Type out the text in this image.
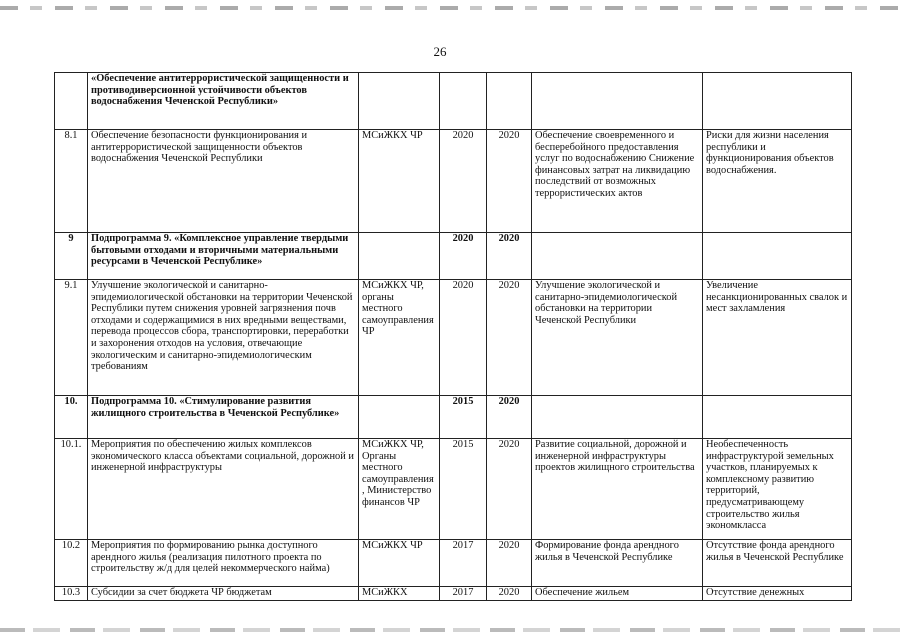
26
	«Обеспечение антитеррористической защищенности и противодиверсионной устойчивости объектов водоснабжения Чеченской Республики»					
8.1	Обеспечение безопасности функционирования и антитеррористической защищенности объектов водоснабжения Чеченской Республики	МСиЖКХ ЧР	2020	2020	Обеспечение своевременного и бесперебойного предоставления услуг по водоснабжению Снижение финансовых затрат на ликвидацию последствий от возможных террористических актов	Риски для жизни населения республики и функционирования объектов водоснабжения.
9	Подпрограмма 9. «Комплексное управление твердыми бытовыми отходами и вторичными материальными ресурсами в Чеченской Республике»		2020	2020		
9.1	Улучшение экологической и санитарно-эпидемиологической обстановки на территории Чеченской Республики путем снижения уровней загрязнения почв отходами и содержащимися в них вредными веществами, перевода процессов сбора, транспортировки, переработки и захоронения отходов на условия, отвечающие экологическим и санитарно-эпидемиологическим требованиям	МСиЖКХ ЧР, органы местного самоуправления ЧР	2020	2020	Улучшение экологической и санитарно-эпидемиологической обстановки на территории Чеченской Республики	Увеличение несанкционированных свалок и мест захламления
10.	Подпрограмма 10. «Стимулирование развития жилищного строительства в Чеченской Республике»		2015	2020		
10.1.	Мероприятия по обеспечению жилых комплексов экономического класса объектами социальной, дорожной и инженерной инфраструктуры	МСиЖКХ ЧР, Органы местного самоуправления, Министерство финансов ЧР	2015	2020	Развитие социальной, дорожной и инженерной инфраструктуры проектов жилищного строительства	Необеспеченность инфраструктурой земельных участков, планируемых к комплексному развитию территорий, предусматривающему строительство жилья экономкласса
10.2	Мероприятия по формированию рынка доступного арендного жилья (реализация пилотного проекта по строительству ж/д для целей некоммерческого найма)	МСиЖКХ ЧР	2017	2020	Формирование фонда арендного жилья в Чеченской Республике	Отсутствие фонда арендного жилья в Чеченской Республике
10.3	Субсидии за счет бюджета ЧР бюджетам	МСиЖКХ	2017	2020	Обеспечение жильем	Отсутствие денежных
